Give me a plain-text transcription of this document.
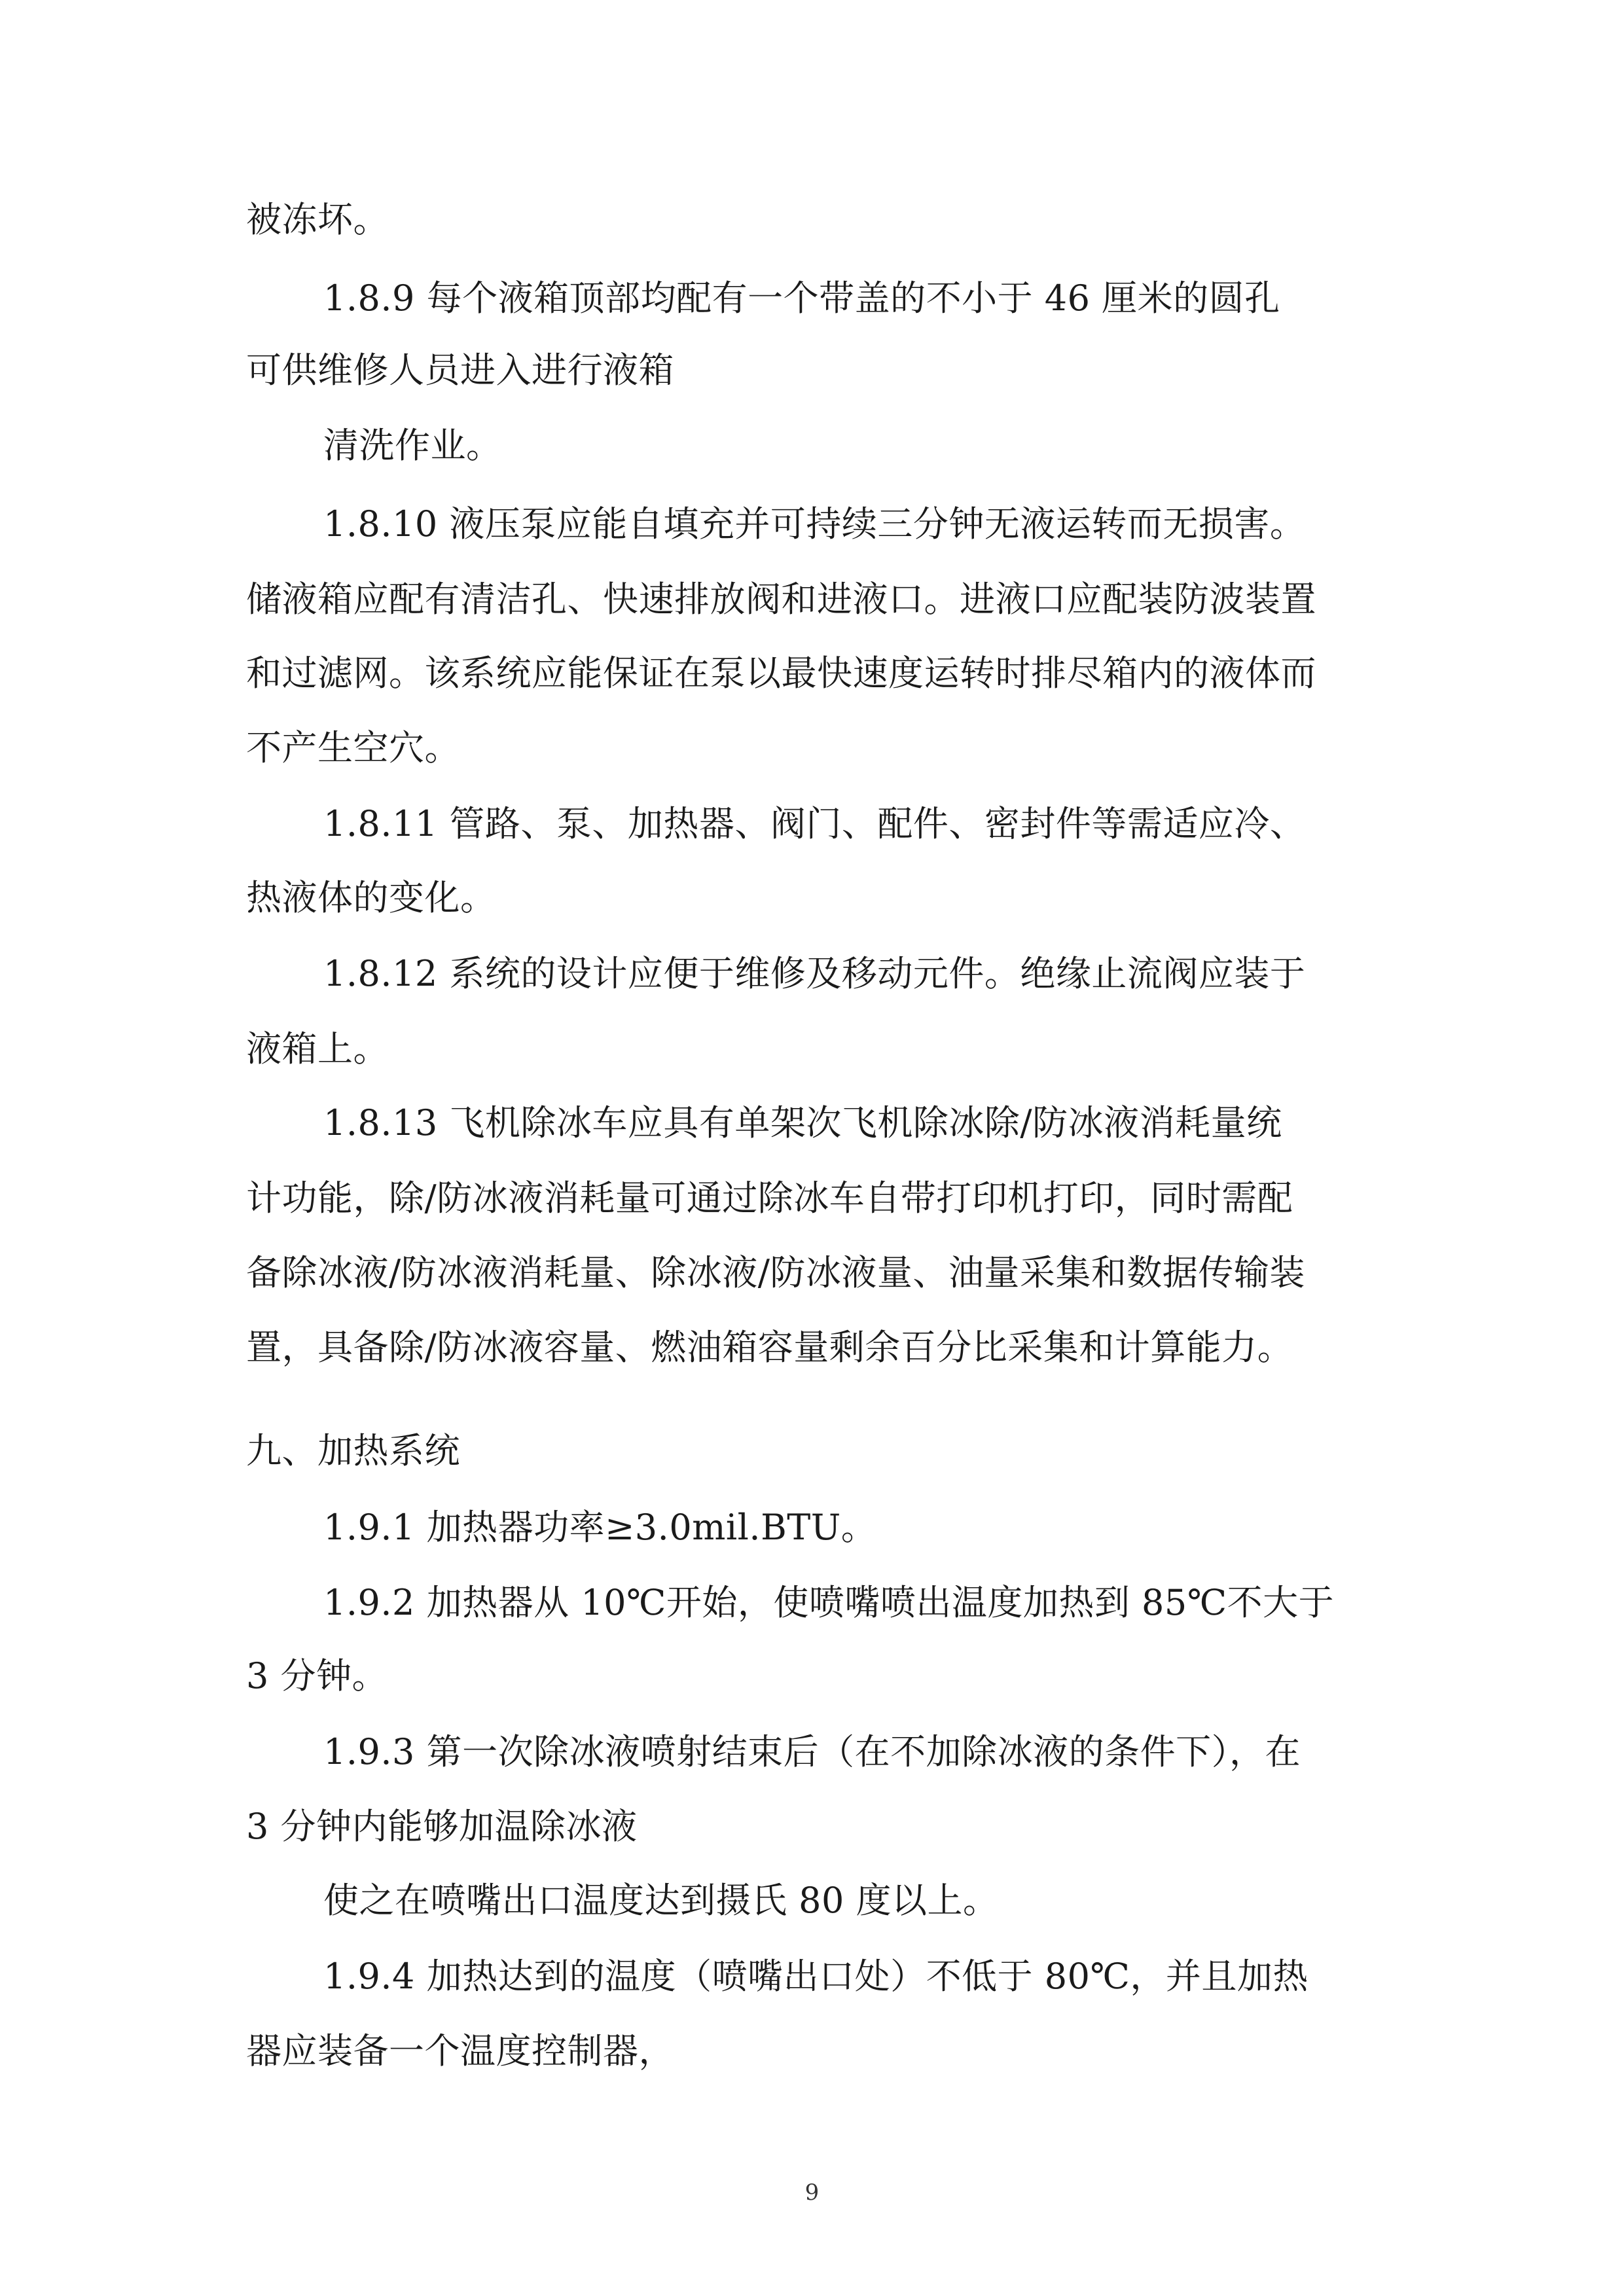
被冻坏。
1.8.9 每个液箱顶部均配有一个带盖的不小于 46 厘米的圆孔
可供维修人员进入进行液箱
清洗作业。
1.8.10 液压泵应能自填充并可持续三分钟无液运转而无损害。
储液箱应配有清洁孔、快速排放阀和进液口。进液口应配装防波装置
和过滤网。该系统应能保证在泵以最快速度运转时排尽箱内的液体而
不产生空穴。
1.8.11 管路、泵、加热器、阀门、配件、密封件等需适应冷、
热液体的变化。
1.8.12 系统的设计应便于维修及移动元件。绝缘止流阀应装于
液箱上。
1.8.13 飞机除冰车应具有单架次飞机除冰除/防冰液消耗量统
计功能，除/防冰液消耗量可通过除冰车自带打印机打印，同时需配
备除冰液/防冰液消耗量、除冰液/防冰液量、油量采集和数据传输装
置，具备除/防冰液容量、燃油箱容量剩余百分比采集和计算能力。
九、加热系统
1.9.1 加热器功率≥3.0mil.BTU。
1.9.2 加热器从 10℃开始，使喷嘴喷出温度加热到 85℃不大于
3 分钟。
1.9.3 第一次除冰液喷射结束后（在不加除冰液的条件下），在
3 分钟内能够加温除冰液
使之在喷嘴出口温度达到摄氏 80 度以上。
1.9.4 加热达到的温度（喷嘴出口处）不低于 80℃，并且加热
器应装备一个温度控制器，
9
